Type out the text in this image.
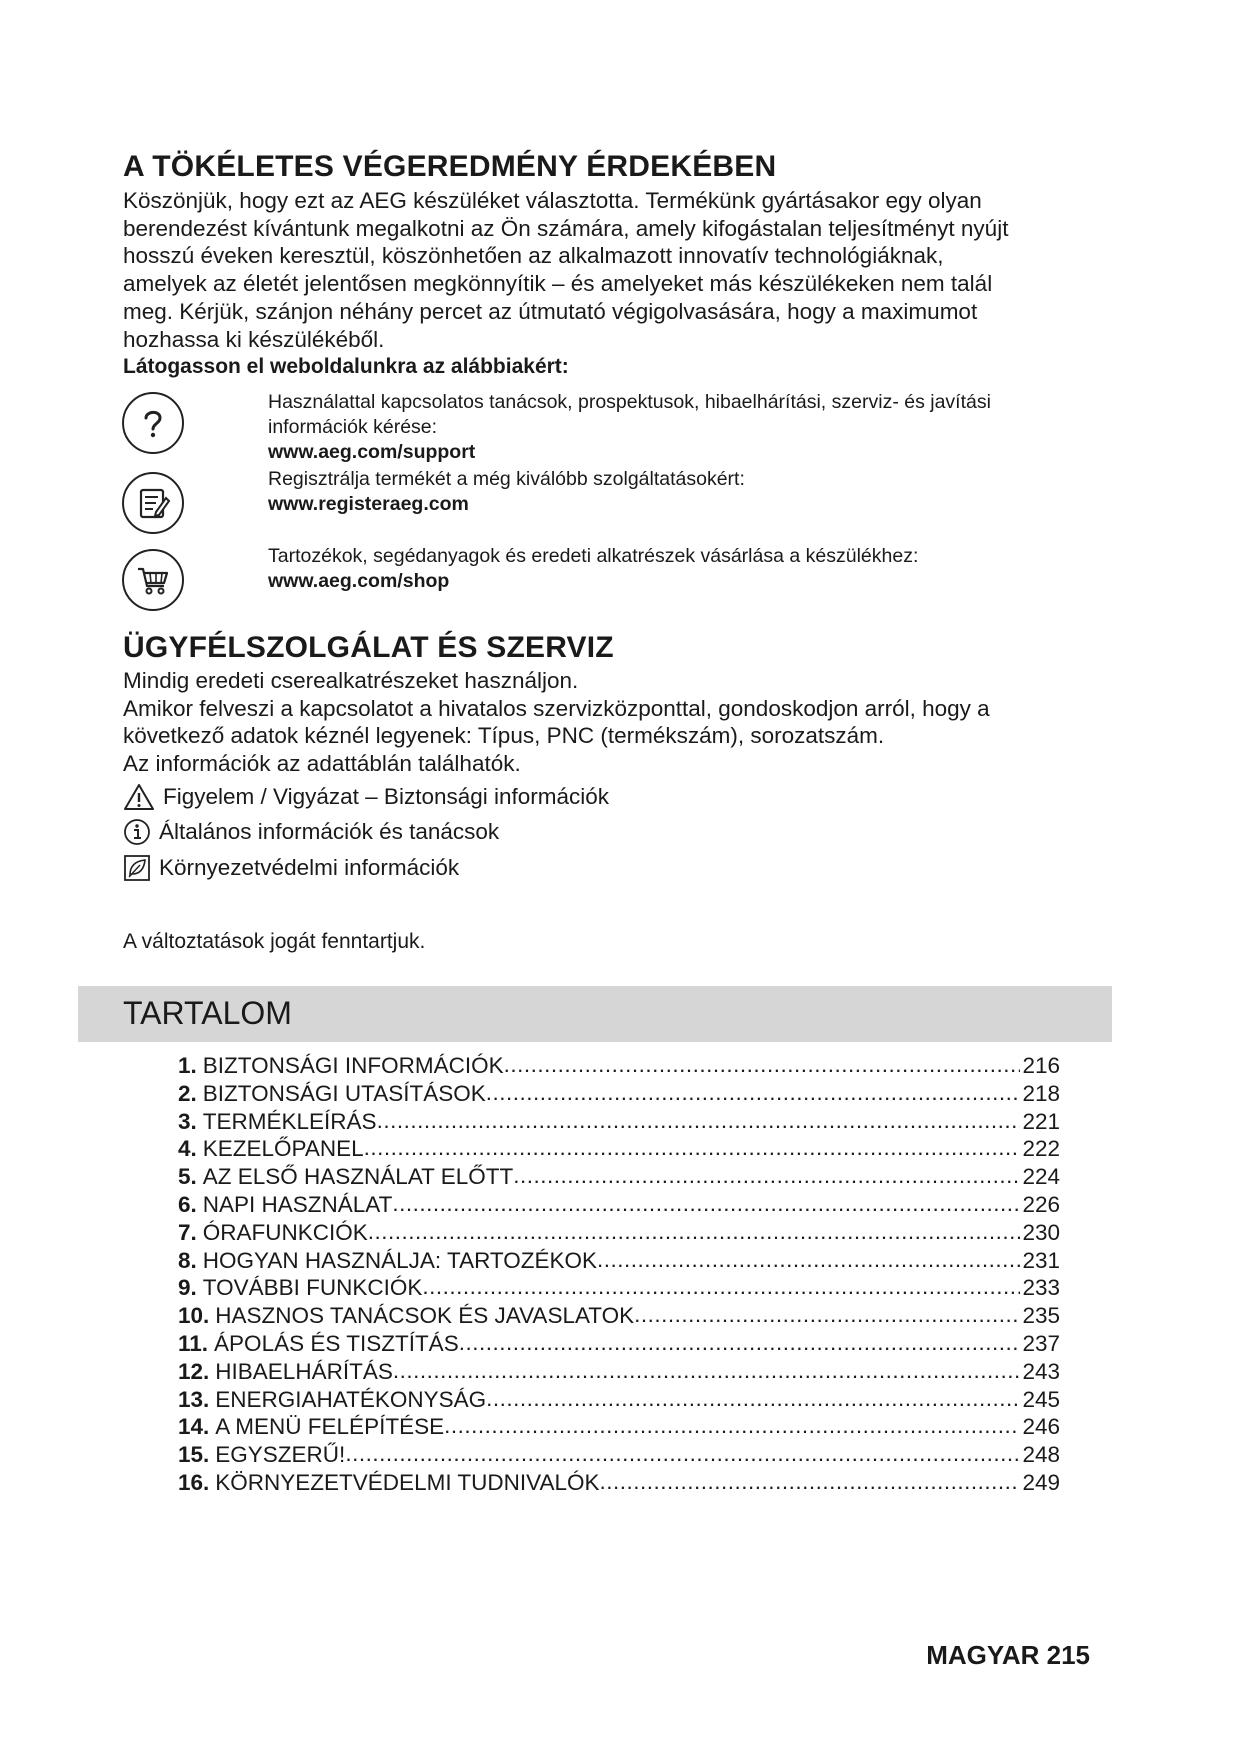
A TÖKÉLETES VÉGEREDMÉNY ÉRDEKÉBEN

Köszönjük, hogy ezt az AEG készüléket választotta. Termékünk gyártásakor egy olyan

berendezést kívántunk megalkotni az Ön számára, amely kifogástalan teljesítményt nyújt

hosszú éveken keresztül, köszönhetően az alkalmazott innovatív technológiáknak,

amelyek az életét jelentősen megkönnyítik – és amelyeket más készülékeken nem talál

meg. Kérjük, szánjon néhány percet az útmutató végigolvasására, hogy a maximumot

hozhassa ki készülékéből.

Látogasson el weboldalunkra az alábbiakért:
Használattal kapcsolatos tanácsok, prospektusok, hibaelhárítási, szerviz- és javítási
információk kérése:
www.aeg.com/support
Regisztrálja termékét a még kiválóbb szolgáltatásokért:
www.registeraeg.com
Tartozékok, segédanyagok és eredeti alkatrészek vásárlása a készülékhez:
www.aeg.com/shop
ÜGYFÉLSZOLGÁLAT ÉS SZERVIZ

Mindig eredeti cserealkatrészeket használjon.

Amikor felveszi a kapcsolatot a hivatalos szervizközponttal, gondoskodjon arról, hogy a

következő adatok kéznél legyenek: Típus, PNC (termékszám), sorozatszám.

Az információk az adattáblán találhatók.

Figyelem / Vigyázat – Biztonsági információk
Általános információk és tanácsok
Környezetvédelmi információk
A változtatások jogát fenntartjuk.
TARTALOM
1. BIZTONSÁGI INFORMÁCIÓK .....	216
2. BIZTONSÁGI UTASÍTÁSOK .....	218
3. TERMÉKLEÍRÁS .....	221
4. KEZELŐPANEL .....	222
5. AZ ELSŐ HASZNÁLAT ELŐTT .....	224
6. NAPI HASZNÁLAT .....	226
7. ÓRAFUNKCIÓK .....	230
8. HOGYAN HASZNÁLJA: TARTOZÉKOK .....	231
9. TOVÁBBI FUNKCIÓK .....	233
10. HASZNOS TANÁCSOK ÉS JAVASLATOK .....	235
11. ÁPOLÁS ÉS TISZTÍTÁS .....	237
12. HIBAELHÁRÍTÁS .....	243
13. ENERGIAHATÉKONYSÁG .....	245
14. A MENÜ FELÉPÍTÉSE .....	246
15. EGYSZERŰ! .....	248
16. KÖRNYEZETVÉDELMI TUDNIVALÓK .....	249
MAGYAR 215
